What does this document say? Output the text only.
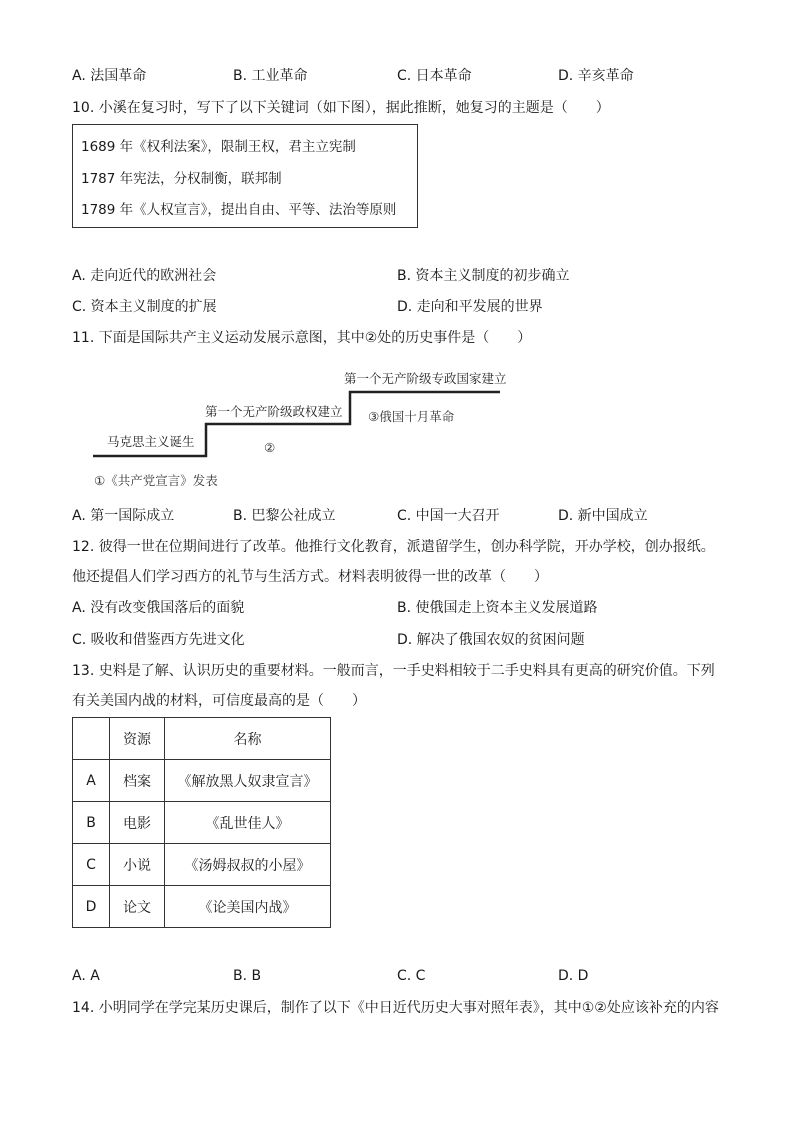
A. 法国革命	B. 工业革命	C. 日本革命	D. 辛亥革命
10. 小溪在复习时，写下了以下关键词（如下图），据此推断，她复习的主题是（　　）
1689 年《权利法案》，限制王权，君主立宪制
1787 年宪法，分权制衡，联邦制
1789 年《人权宣言》，提出自由、平等、法治等原则
A. 走向近代的欧洲社会	B. 资本主义制度的初步确立
C. 资本主义制度的扩展	D. 走向和平发展的世界
11. 下面是国际共产主义运动发展示意图，其中②处的历史事件是（　　）
马克思主义诞生
第一个无产阶级政权建立
第一个无产阶级专政国家建立
①《共产党宣言》发表
②
③俄国十月革命
A. 第一国际成立	B. 巴黎公社成立	C. 中国一大召开	D. 新中国成立
12. 彼得一世在位期间进行了改革。他推行文化教育，派遣留学生，创办科学院，开办学校，创办报纸。
他还提倡人们学习西方的礼节与生活方式。材料表明彼得一世的改革（　　）
A. 没有改变俄国落后的面貌	B. 使俄国走上资本主义发展道路
C. 吸收和借鉴西方先进文化	D. 解决了俄国农奴的贫困问题
13. 史料是了解、认识历史的重要材料。一般而言，一手史料相较于二手史料具有更高的研究价值。下列
有关美国内战的材料，可信度最高的是（　　）
	资源	名称
A	档案	《解放黑人奴隶宣言》
B	电影	《乱世佳人》
C	小说	《汤姆叔叔的小屋》
D	论文	《论美国内战》
A. A	B. B	C. C	D. D
14. 小明同学在学完某历史课后，制作了以下《中日近代历史大事对照年表》，其中①②处应该补充的内容
